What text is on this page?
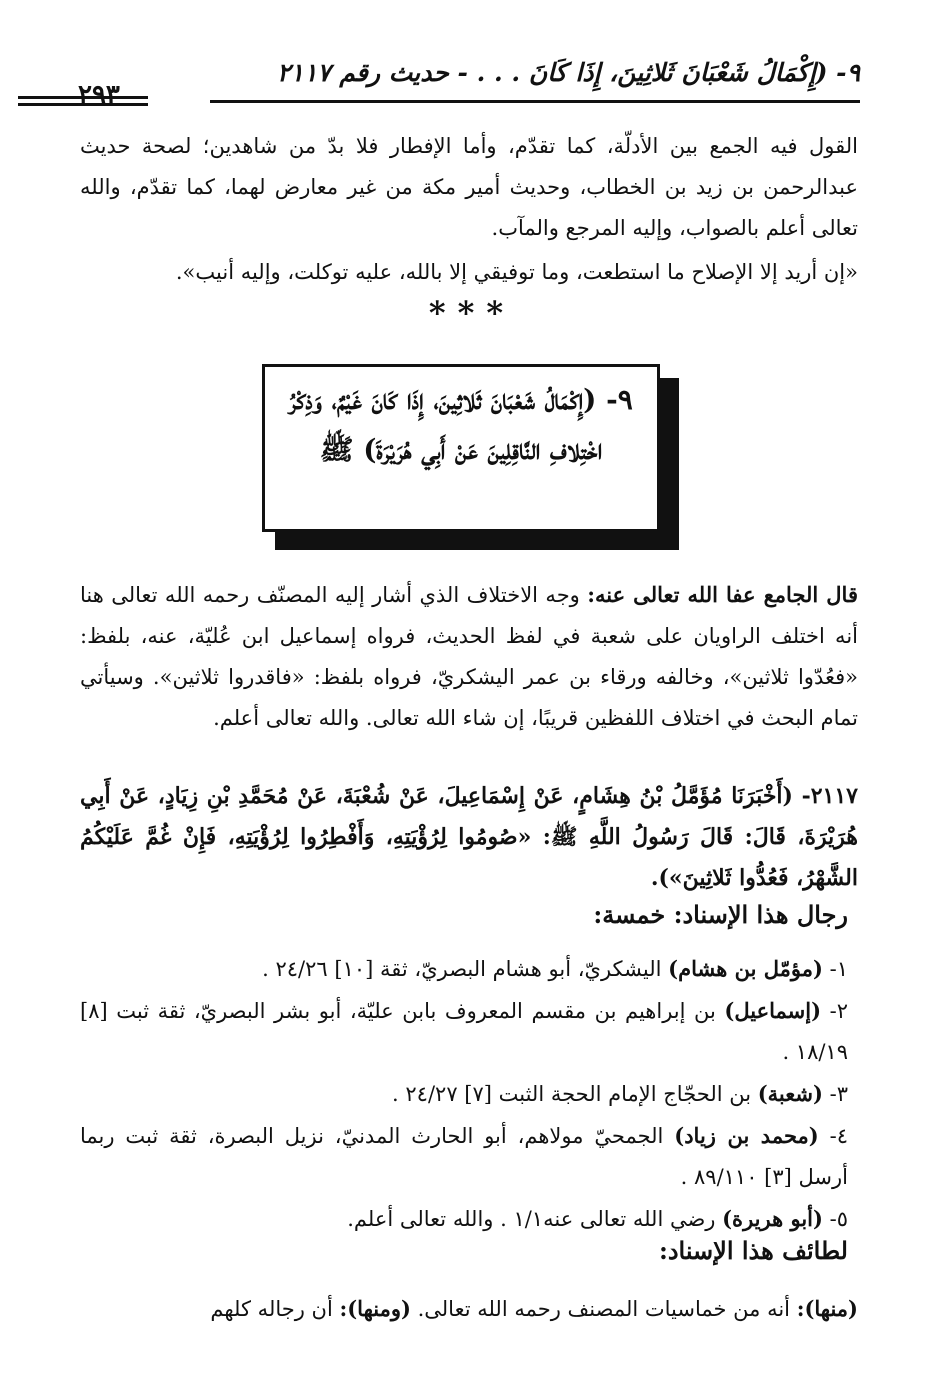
٩- (إِكْمَالُ شَعْبَانَ ثَلاثِينَ، إِذَا كَانَ . . . - حديث رقم ٢١١٧
٢٩٣
القول فيه الجمع بين الأدلّة، كما تقدّم، وأما الإفطار فلا بدّ من شاهدين؛ لصحة حديث عبدالرحمن بن زيد بن الخطاب، وحديث أمير مكة من غير معارض لهما، كما تقدّم، والله تعالى أعلم بالصواب، وإليه المرجع والمآب.
«إن أريد إلا الإصلاح ما استطعت، وما توفيقي إلا بالله، عليه توكلت، وإليه أنيب».
***
٩- (إِكْمَالُ شَعْبَانَ ثَلاثِينَ، إِذَا كَانَ غَيْمٌ، وَذِكْرُ اخْتِلافِ النَّاقِلِينَ عَنْ أَبِي هُرَيْرَةَ) ﷺ
قال الجامع عفا الله تعالى عنه: وجه الاختلاف الذي أشار إليه المصنّف رحمه الله تعالى هنا أنه اختلف الراويان على شعبة في لفظ الحديث، فرواه إسماعيل ابن عُليّة، عنه، بلفظ: «فعُدّوا ثلاثين»، وخالفه ورقاء بن عمر اليشكريّ، فرواه بلفظ: «فاقدروا ثلاثين». وسيأتي تمام البحث في اختلاف اللفظين قريبًا، إن شاء الله تعالى. والله تعالى أعلم.
٢١١٧- (أَخْبَرَنَا مُؤَمَّلُ بْنُ هِشَامٍ، عَنْ إِسْمَاعِيلَ، عَنْ شُعْبَةَ، عَنْ مُحَمَّدِ بْنِ زِيَادٍ، عَنْ أَبِي هُرَيْرَةَ، قَالَ: قَالَ رَسُولُ اللَّهِ ﷺ: «صُومُوا لِرُؤْيَتِهِ، وَأَفْطِرُوا لِرُؤْيَتِهِ، فَإِنْ غُمَّ عَلَيْكُمُ الشَّهْرُ، فَعُدُّوا ثَلاثِينَ»).
رجال هذا الإسناد: خمسة:
١- (مؤمّل بن هشام) اليشكريّ، أبو هشام البصريّ، ثقة [١٠] ٢٤/٢٦ .
٢- (إسماعيل) بن إبراهيم بن مقسم المعروف بابن عليّة، أبو بشر البصريّ، ثقة ثبت [٨] ١٨/١٩ .
٣- (شعبة) بن الحجّاج الإمام الحجة الثبت [٧] ٢٤/٢٧ .
٤- (محمد بن زياد) الجمحيّ مولاهم، أبو الحارث المدنيّ، نزيل البصرة، ثقة ثبت ربما أرسل [٣] ٨٩/١١٠ .
٥- (أبو هريرة) رضي الله تعالى عنه١/١ . والله تعالى أعلم.
لطائف هذا الإسناد:
(منها): أنه من خماسيات المصنف رحمه الله تعالى. (ومنها): أن رجاله كلهم
